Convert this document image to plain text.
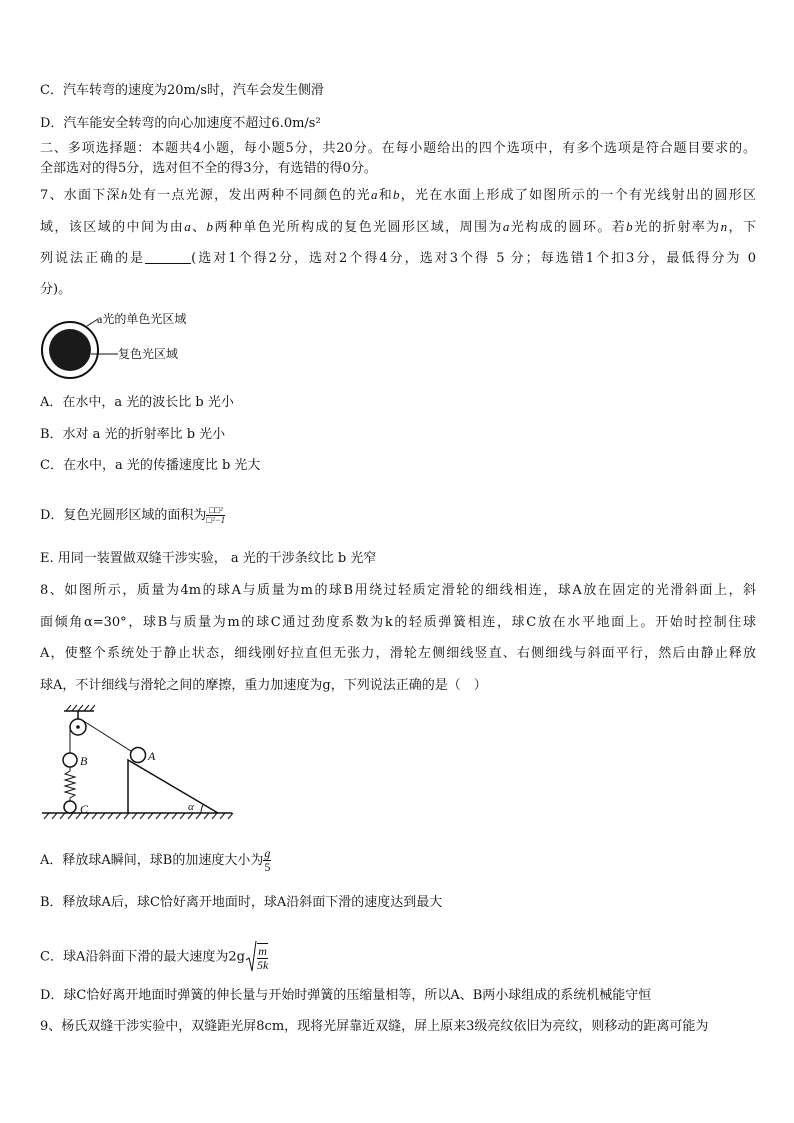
C．汽车转弯的速度为20m/s时，汽车会发生侧滑
D．汽车能安全转弯的向心加速度不超过6.0m/s²
二、多项选择题：本题共4小题，每小题5分，共20分。在每小题给出的四个选项中，有多个选项是符合题目要求的。
全部选对的得5分，选对但不全的得3分，有选错的得0分。
7、水面下深h处有一点光源，发出两种不同颜色的光a和b，光在水面上形成了如图所示的一个有光线射出的圆形区
域，该区域的中间为由a、b两种单色光所构成的复色光圆形区域，周围为a光构成的圆环。若b光的折射率为n，下
列说法正确的是	(选对1个得2分，选对2个得4分，选对3个得 5 分；每选错1个扣3分，最低得分为 0
分)。
a光的单色光区域
复色光区域
A．在水中，a 光的波长比 b 光小
B．水对 a 光的折射率比 b 光小
C．在水中，a 光的传播速度比 b 光大
D．复色光圆形区域的面积为 $\frac{\text{□□²}}{\text{□²−1}}$
E. 用同一装置做双缝干涉实验， a 光的干涉条纹比 b 光窄
8、如图所示，质量为4m的球A与质量为m的球B用绕过轻质定滑轮的细线相连，球A放在固定的光滑斜面上，斜
面倾角α=30°，球B与质量为m的球C通过劲度系数为k的轻质弹簧相连，球C放在水平地面上。开始时控制住球
A，使整个系统处于静止状态，细线刚好拉直但无张力，滑轮左侧细线竖直、右侧细线与斜面平行，然后由静止释放
球A，不计细线与滑轮之间的摩擦，重力加速度为g，下列说法正确的是（　）
B
C
A
α
A．释放球A瞬间，球B的加速度大小为 $\frac{g}{5}$
B．释放球A后，球C恰好离开地面时，球A沿斜面下滑的速度达到最大
C．球A沿斜面下滑的最大速度为$2g \frac{m}{5k}$
D．球C恰好离开地面时弹簧的伸长量与开始时弹簧的压缩量相等，所以A、B两小球组成的系统机械能守恒
9、杨氏双缝干涉实验中，双缝距光屏8cm，现将光屏靠近双缝，屏上原来3级亮纹依旧为亮纹，则移动的距离可能为
